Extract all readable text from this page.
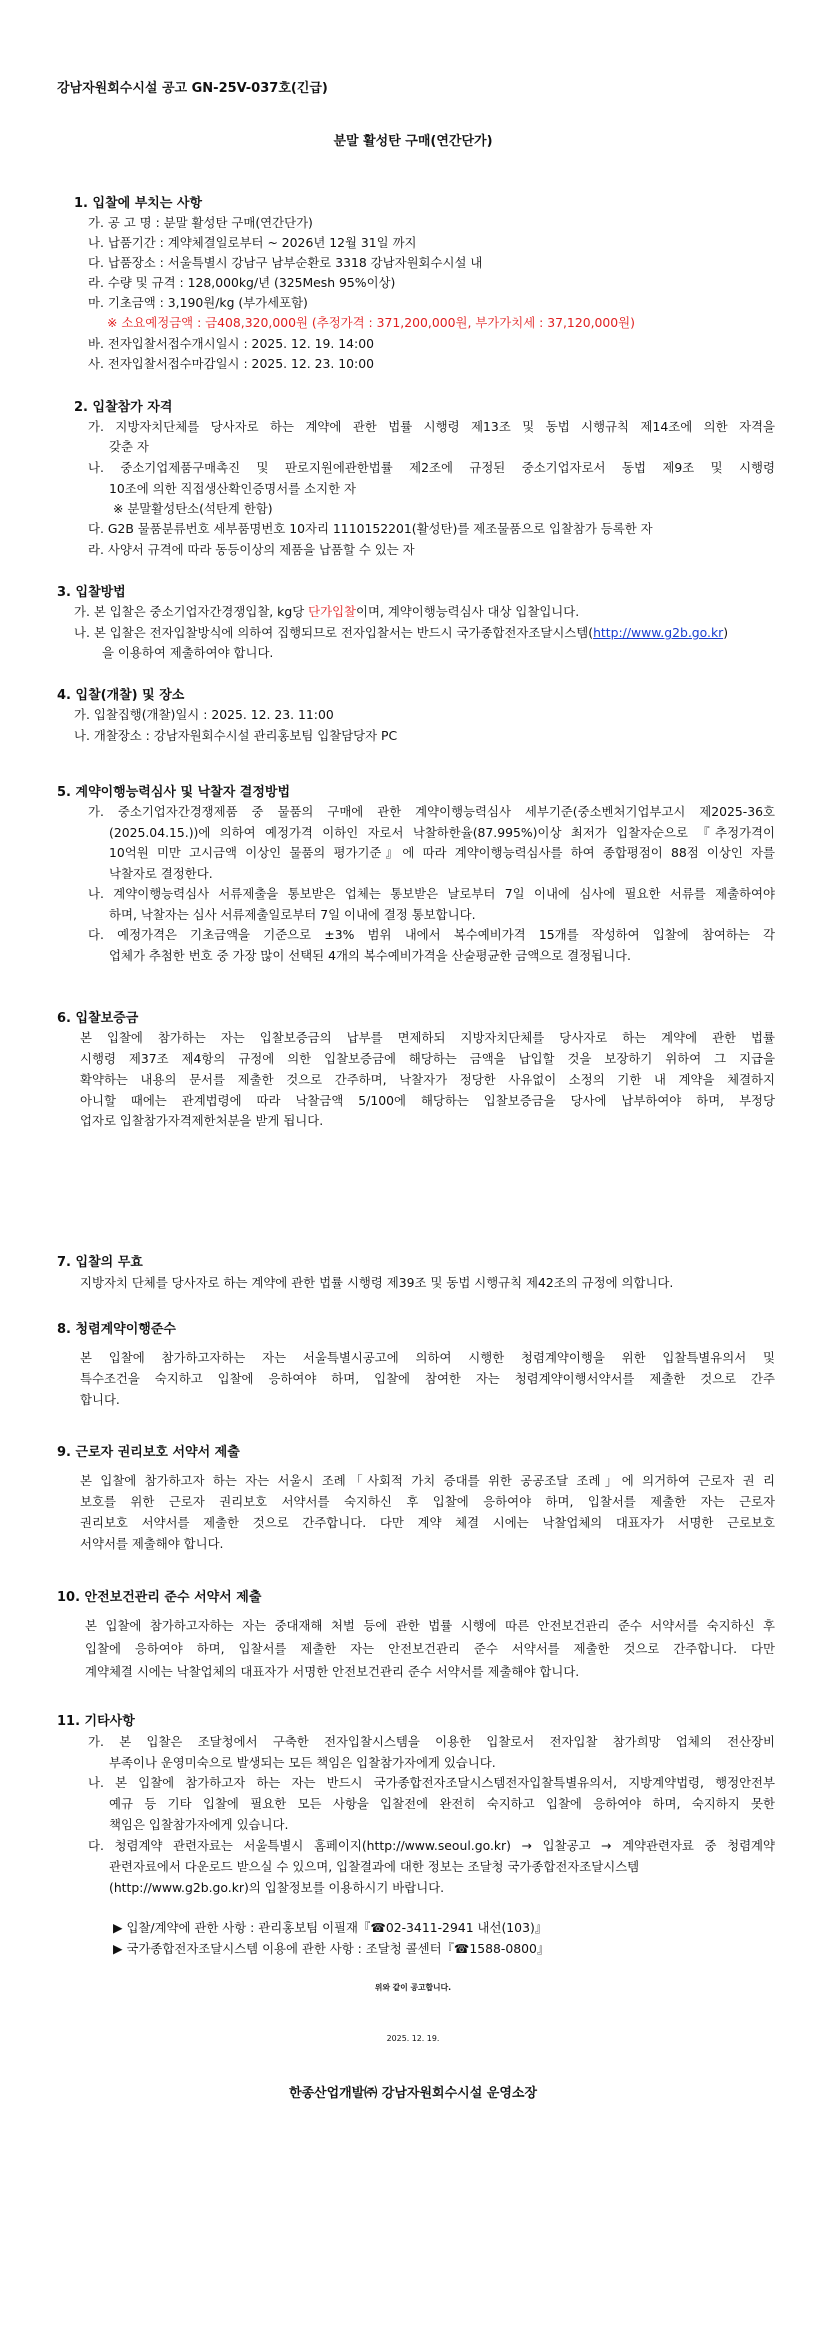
강남자원회수시설 공고 GN-25V-037호(긴급)
분말 활성탄 구매(연간단가)
1. 입찰에 부치는 사항
가. 공 고 명 : 분말 활성탄 구매(연간단가)
나. 납품기간 : 계약체결일로부터 ~ 2026년 12월 31일 까지
다. 납품장소 : 서울특별시 강남구 남부순환로 3318 강남자원회수시설 내
라. 수량 및 규격 : 128,000kg/년 (325Mesh 95%이상)
마. 기초금액 : 3,190원/kg (부가세포함)
※ 소요예정금액 : 금408,320,000원 (추정가격 : 371,200,000원, 부가가치세 : 37,120,000원)
바. 전자입찰서접수개시일시 : 2025. 12. 19. 14:00
사. 전자입찰서접수마감일시 : 2025. 12. 23. 10:00
2. 입찰참가 자격
가. 지방자치단체를 당사자로 하는 계약에 관한 법률 시행령 제13조 및 동법 시행규칙 제14조에 의한 자격을
갖춘 자
나. 중소기업제품구매촉진 및 판로지원에관한법률 제2조에 규정된 중소기업자로서 동법 제9조 및 시행령
10조에 의한 직접생산확인증명서를 소지한 자
※ 분말활성탄소(석탄계 한함)
다. G2B 물품분류번호 세부품명번호 10자리 1110152201(활성탄)를 제조물품으로 입찰참가 등록한 자
라. 사양서 규격에 따라 동등이상의 제품을 납품할 수 있는 자
3. 입찰방법
가. 본 입찰은 중소기업자간경쟁입찰, kg당 단가입찰이며, 계약이행능력심사 대상 입찰입니다.
나. 본 입찰은 전자입찰방식에 의하여 집행되므로 전자입찰서는 반드시 국가종합전자조달시스템(http://www.g2b.go.kr)
을 이용하여 제출하여야 합니다.
4. 입찰(개찰) 및 장소
가. 입찰집행(개찰)일시 : 2025. 12. 23. 11:00
나. 개찰장소 : 강남자원회수시설 관리홍보팀 입찰담당자 PC
5. 계약이행능력심사 및 낙찰자 결정방법
가. 중소기업자간경쟁제품 중 물품의 구매에 관한 계약이행능력심사 세부기준(중소벤처기업부고시 제2025-36호
(2025.04.15.))에 의하여 예정가격 이하인 자로서 낙찰하한율(87.995%)이상 최저가 입찰자순으로 『추정가격이
10억원 미만 고시금액 이상인 물품의 평가기준』에 따라 계약이행능력심사를 하여 종합평점이 88점 이상인 자를
낙찰자로 결정한다.
나. 계약이행능력심사 서류제출을 통보받은 업체는 통보받은 날로부터 7일 이내에 심사에 필요한 서류를 제출하여야
하며, 낙찰자는 심사 서류제출일로부터 7일 이내에 결정 통보합니다.
다. 예정가격은 기초금액을 기준으로 ±3% 범위 내에서 복수예비가격 15개를 작성하여 입찰에 참여하는 각
업체가 추첨한 번호 중 가장 많이 선택된 4개의 복수예비가격을 산술평균한 금액으로 결정됩니다.
6. 입찰보증금
본 입찰에 참가하는 자는 입찰보증금의 납부를 면제하되 지방자치단체를 당사자로 하는 계약에 관한 법률
시행령 제37조 제4항의 규정에 의한 입찰보증금에 해당하는 금액을 납입할 것을 보장하기 위하여 그 지급을
확약하는 내용의 문서를 제출한 것으로 간주하며, 낙찰자가 정당한 사유없이 소정의 기한 내 계약을 체결하지
아니할 때에는 관계법령에 따라 낙찰금액 5/100에 해당하는 입찰보증금을 당사에 납부하여야 하며, 부정당
업자로 입찰참가자격제한처분을 받게 됩니다.
7. 입찰의 무효
지방자치 단체를 당사자로 하는 계약에 관한 법률 시행령 제39조 및 동법 시행규칙 제42조의 규정에 의합니다.
8. 청렴계약이행준수
본 입찰에 참가하고자하는 자는 서울특별시공고에 의하여 시행한 청렴계약이행을 위한 입찰특별유의서 및
특수조건을 숙지하고 입찰에 응하여야 하며, 입찰에 참여한 자는 청렴계약이행서약서를 제출한 것으로 간주
합니다.
9. 근로자 권리보호 서약서 제출
본 입찰에 참가하고자 하는 자는 서울시 조례「사회적 가치 증대를 위한 공공조달 조례」에 의거하여 근로자 권 리
보호를 위한 근로자 권리보호 서약서를 숙지하신 후 입찰에 응하여야 하며, 입찰서를 제출한 자는 근로자
권리보호 서약서를 제출한 것으로 간주합니다. 다만 계약 체결 시에는 낙찰업체의 대표자가 서명한 근로보호
서약서를 제출해야 합니다.
10. 안전보건관리 준수 서약서 제출
본 입찰에 참가하고자하는 자는 중대재해 처벌 등에 관한 법률 시행에 따른 안전보건관리 준수 서약서를 숙지하신 후
입찰에 응하여야 하며, 입찰서를 제출한 자는 안전보건관리 준수 서약서를 제출한 것으로 간주합니다. 다만
계약체결 시에는 낙찰업체의 대표자가 서명한 안전보건관리 준수 서약서를 제출해야 합니다.
11. 기타사항
가. 본 입찰은 조달청에서 구축한 전자입찰시스템을 이용한 입찰로서 전자입찰 참가희망 업체의 전산장비
부족이나 운영미숙으로 발생되는 모든 책임은 입찰참가자에게 있습니다.
나. 본 입찰에 참가하고자 하는 자는 반드시 국가종합전자조달시스템전자입찰특별유의서, 지방계약법령, 행정안전부
예규 등 기타 입찰에 필요한 모든 사항을 입찰전에 완전히 숙지하고 입찰에 응하여야 하며, 숙지하지 못한
책임은 입찰참가자에게 있습니다.
다. 청렴계약 관련자료는 서울특별시 홈페이지(http://www.seoul.go.kr) → 입찰공고 → 계약관련자료 중 청렴계약
관련자료에서 다운로드 받으실 수 있으며, 입찰결과에 대한 정보는 조달청 국가종합전자조달시스템
(http://www.g2b.go.kr)의 입찰정보를 이용하시기 바랍니다.
▶ 입찰/계약에 관한 사항 : 관리홍보팀 이필재『☎02-3411-2941 내선(103)』
▶ 국가종합전자조달시스템 이용에 관한 사항 : 조달청 콜센터『☎1588-0800』
위와 같이 공고합니다.
2025. 12. 19.
한종산업개발㈜ 강남자원회수시설 운영소장
